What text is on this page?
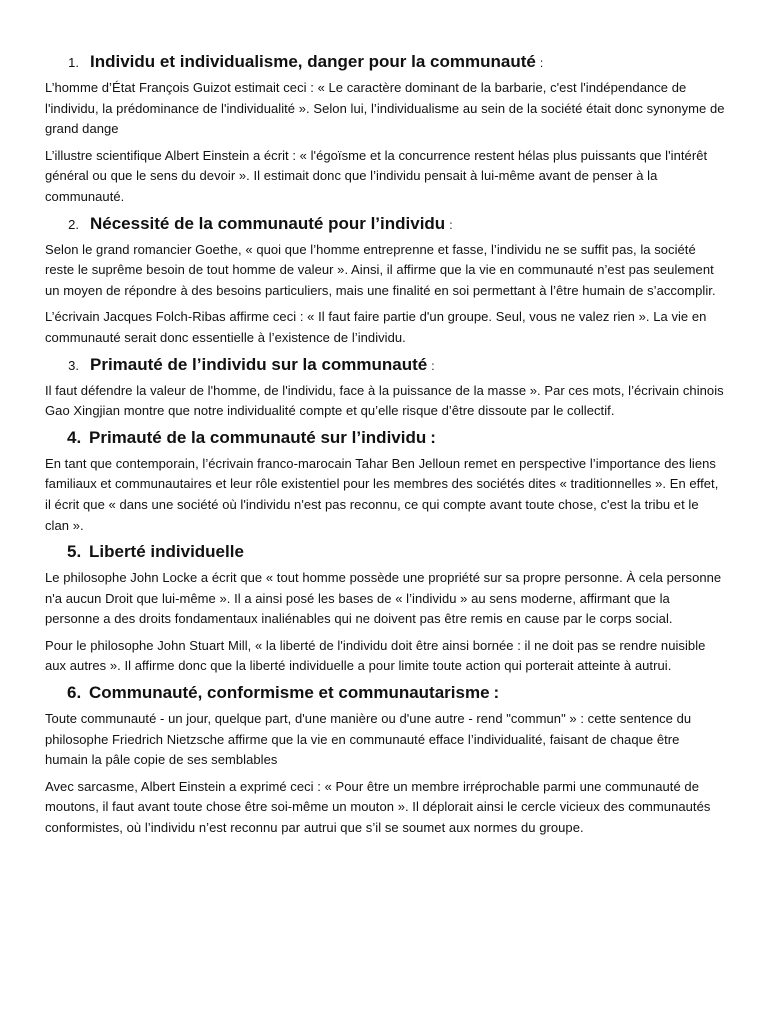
1. Individu et individualisme, danger pour la communauté :

L’homme d’État François Guizot estimait ceci : « Le caractère dominant de la barbarie, c'est l'indépendance de l'individu, la prédominance de l'individualité ». Selon lui, l’individualisme au sein de la société était donc synonyme de grand dange

L’illustre scientifique Albert Einstein a écrit : « l'égoïsme et la concurrence restent hélas plus puissants que l'intérêt général ou que le sens du devoir ». Il estimait donc que l’individu pensait à lui-même avant de penser à la communauté.

2. Nécessité de la communauté pour l’individu :

Selon le grand romancier Goethe, « quoi que l’homme entreprenne et fasse, l’individu ne se suffit pas, la société reste le suprême besoin de tout homme de valeur ». Ainsi, il affirme que la vie en communauté n’est pas seulement un moyen de répondre à des besoins particuliers, mais une finalité en soi permettant à l’être humain de s’accomplir.

L’écrivain Jacques Folch-Ribas affirme ceci : « Il faut faire partie d'un groupe. Seul, vous ne valez rien ». La vie en communauté serait donc essentielle à l’existence de l’individu.

3. Primauté de l’individu sur la communauté :

Il faut défendre la valeur de l'homme, de l'individu, face à la puissance de la masse ». Par ces mots, l’écrivain chinois Gao Xingjian montre que notre individualité compte et qu’elle risque d’être dissoute par le collectif.

4. Primauté de la communauté sur l’individu :

En tant que contemporain, l’écrivain franco-marocain Tahar Ben Jelloun remet en perspective l’importance des liens familiaux et communautaires et leur rôle existentiel pour les membres des sociétés dites « traditionnelles ». En effet, il écrit que « dans une société où l'individu n'est pas reconnu, ce qui compte avant toute chose, c'est la tribu et le clan ».

5. Liberté individuelle

Le philosophe John Locke a écrit que « tout homme possède une propriété sur sa propre personne. À cela personne n'a aucun Droit que lui-même ». Il a ainsi posé les bases de « l’individu » au sens moderne, affirmant que la personne a des droits fondamentaux inaliénables qui ne doivent pas être remis en cause par le corps social.

Pour le philosophe John Stuart Mill, « la liberté de l'individu doit être ainsi bornée : il ne doit pas se rendre nuisible aux autres ». Il affirme donc que la liberté individuelle a pour limite toute action qui porterait atteinte à autrui.

6. Communauté, conformisme et communautarisme :

Toute communauté - un jour, quelque part, d'une manière ou d'une autre - rend "commun" » : cette sentence du philosophe Friedrich Nietzsche affirme que la vie en communauté efface l’individualité, faisant de chaque être humain la pâle copie de ses semblables

Avec sarcasme, Albert Einstein a exprimé ceci : « Pour être un membre irréprochable parmi une communauté de moutons, il faut avant toute chose être soi-même un mouton ». Il déplorait ainsi le cercle vicieux des communautés conformistes, où l’individu n’est reconnu par autrui que s’il se soumet aux normes du groupe.
